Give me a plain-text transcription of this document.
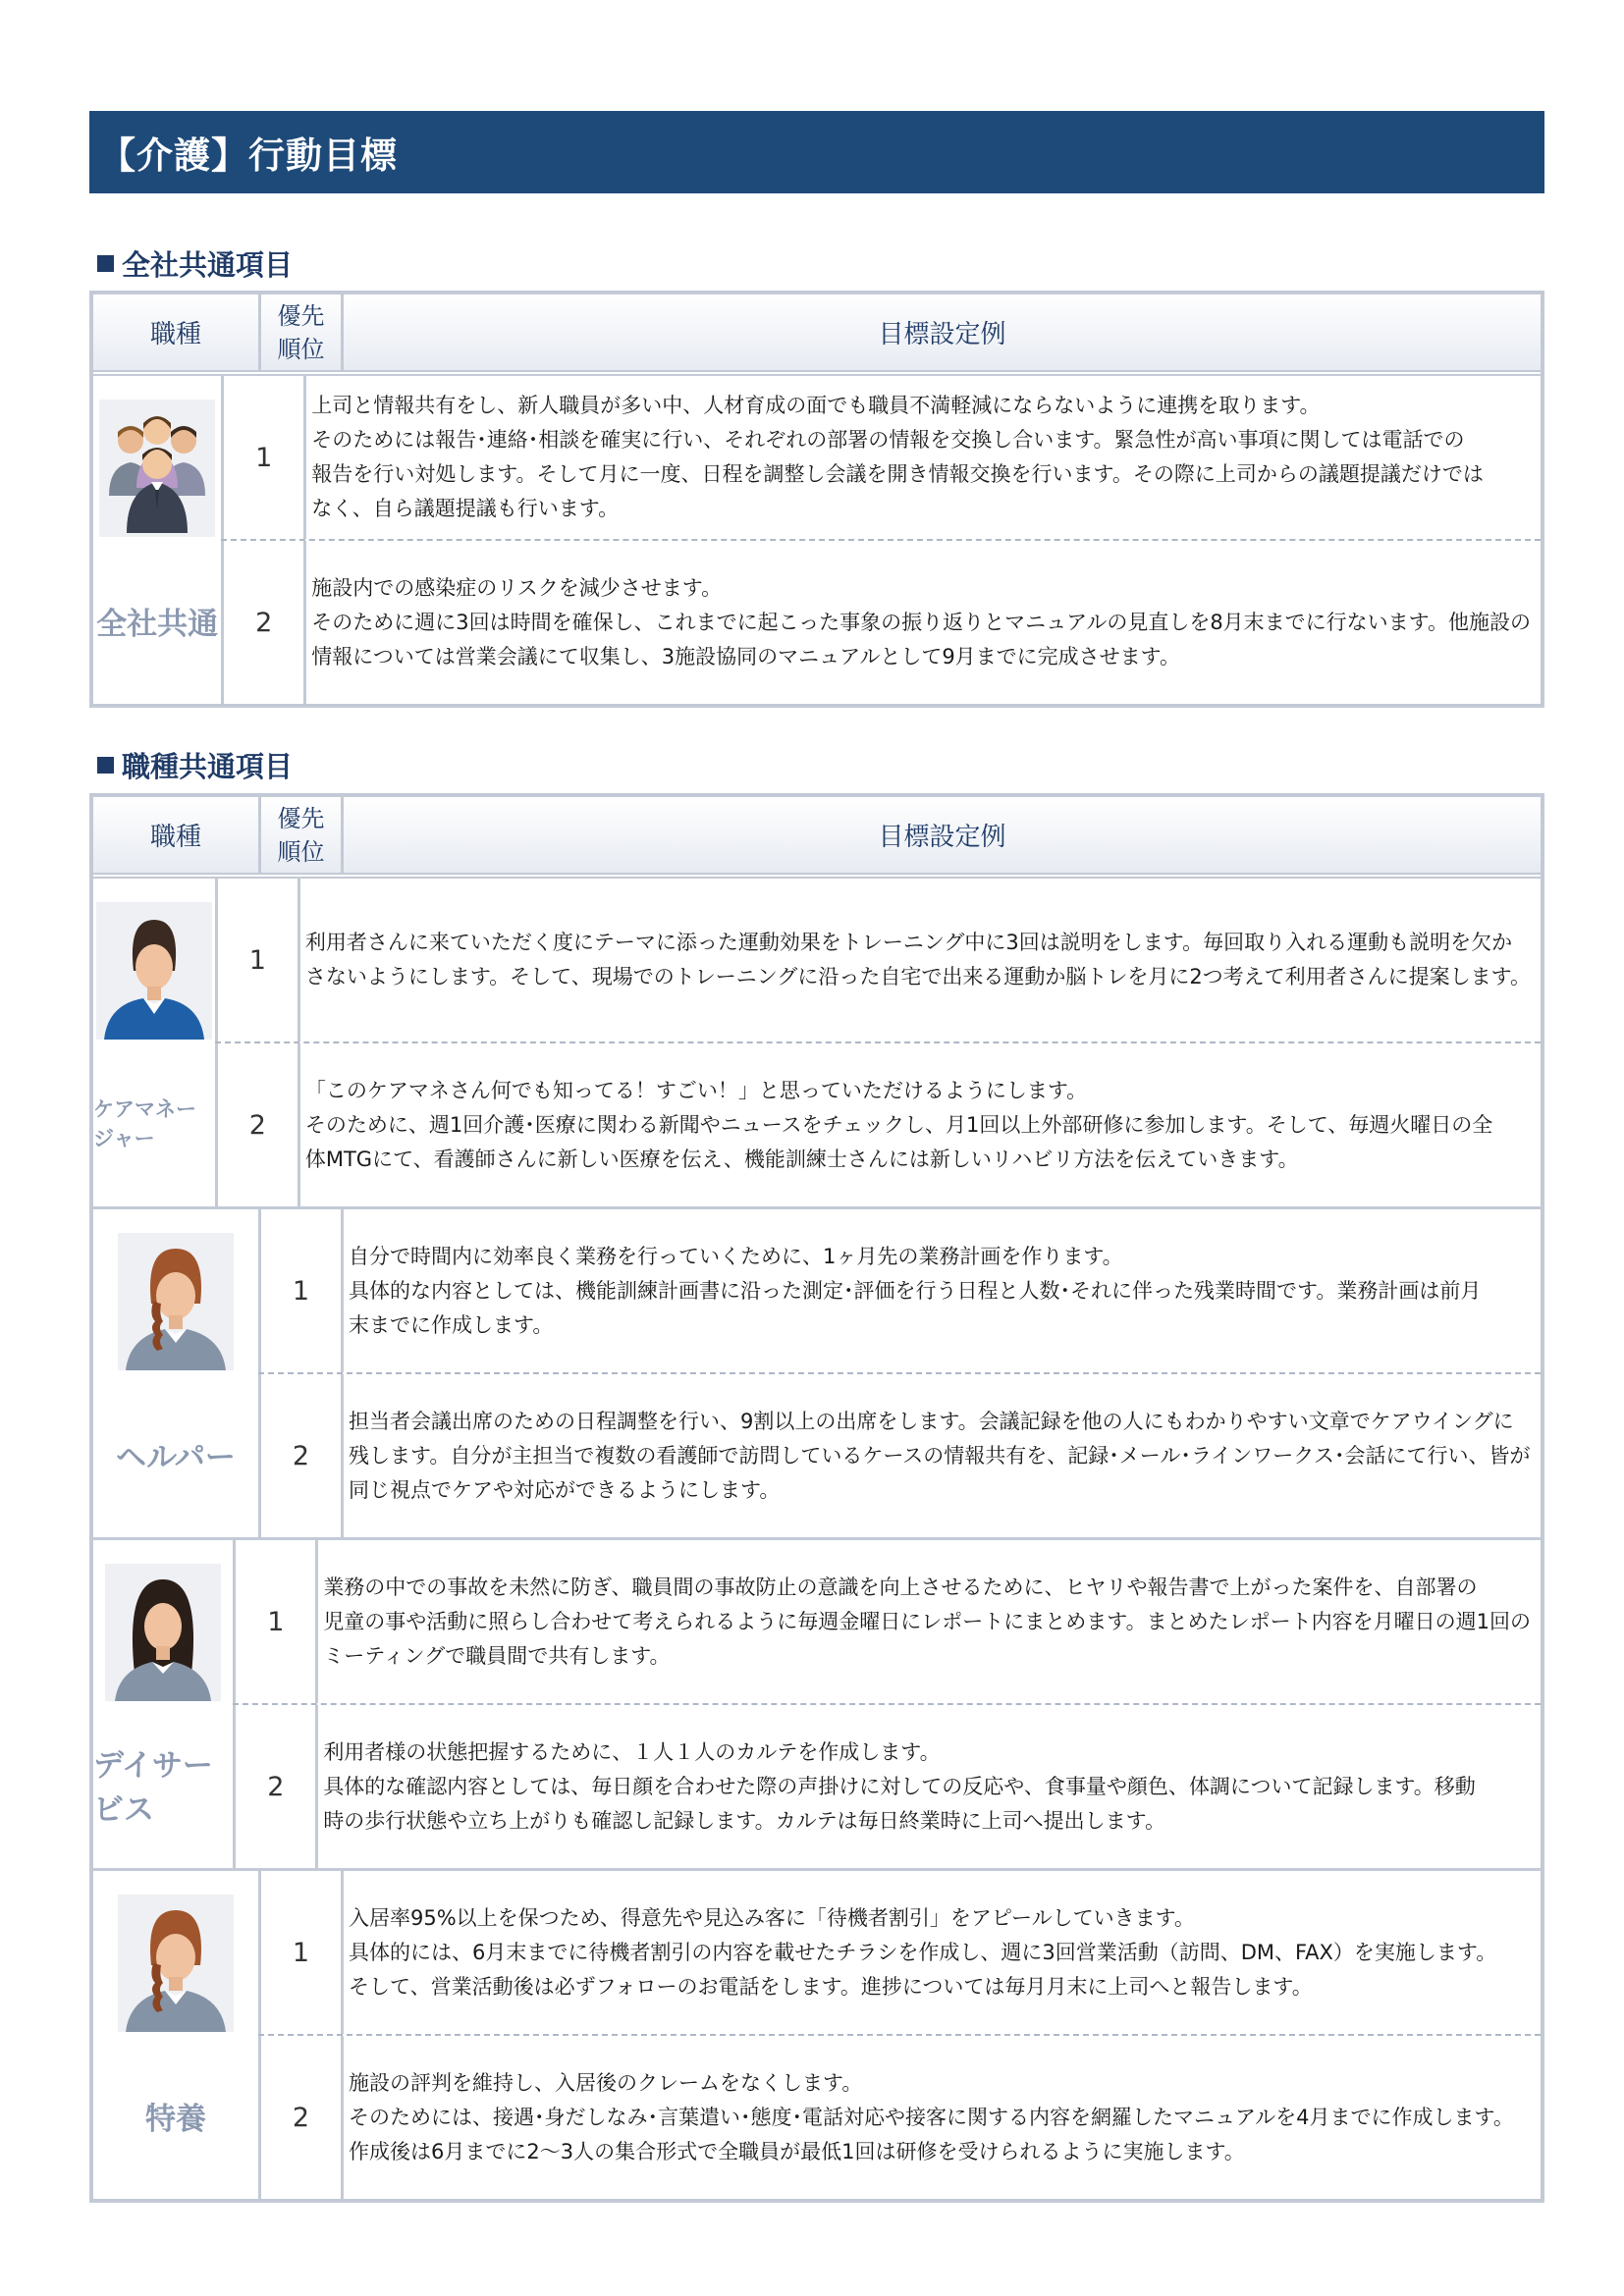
【介護】行動目標
全社共通項目
職種
優先
順位	目標設定例
全社共通
1

上司と情報共有をし、新人職員が多い中、人材育成の面でも職員不満軽減にならないように連携を取ります。

そのためには報告･連絡･相談を確実に行い、それぞれの部署の情報を交換し合います。緊急性が高い事項に関しては電話での

報告を行い対処します。そして月に一度、日程を調整し会議を開き情報交換を行います。その際に上司からの議題提議だけでは

なく、自ら議題提議も行います。

2

施設内での感染症のリスクを減少させます。

そのために週に3回は時間を確保し、これまでに起こった事象の振り返りとマニュアルの見直しを8月末までに行ないます。他施設の

情報については営業会議にて収集し、3施設協同のマニュアルとして9月までに完成させます。

職種共通項目
職種
優先
順位	目標設定例
ケアマネージャー
1

利用者さんに来ていただく度にテーマに添った運動効果をトレーニング中に3回は説明をします。毎回取り入れる運動も説明を欠か

さないようにします。そして、現場でのトレーニングに沿った自宅で出来る運動か脳トレを月に2つ考えて利用者さんに提案します。

2

「このケアマネさん何でも知ってる！すごい！」と思っていただけるようにします。

そのために、週1回介護･医療に関わる新聞やニュースをチェックし、月1回以上外部研修に参加します。そして、毎週火曜日の全

体MTGにて、看護師さんに新しい医療を伝え、機能訓練士さんには新しいリハビリ方法を伝えていきます。

ヘルパー
1

自分で時間内に効率良く業務を行っていくために、1ヶ月先の業務計画を作ります。

具体的な内容としては、機能訓練計画書に沿った測定･評価を行う日程と人数･それに伴った残業時間です。業務計画は前月

末までに作成します。

2

担当者会議出席のための日程調整を行い、9割以上の出席をします。会議記録を他の人にもわかりやすい文章でケアウイングに

残します。自分が主担当で複数の看護師で訪問しているケースの情報共有を、記録･メール･ラインワークス･会話にて行い、皆が

同じ視点でケアや対応ができるようにします。

デイサービス
1

業務の中での事故を未然に防ぎ、職員間の事故防止の意識を向上させるために、ヒヤリや報告書で上がった案件を、自部署の

児童の事や活動に照らし合わせて考えられるように毎週金曜日にレポートにまとめます。まとめたレポート内容を月曜日の週1回の

ミーティングで職員間で共有します。

2

利用者様の状態把握するために、１人１人のカルテを作成します。

具体的な確認内容としては、毎日顔を合わせた際の声掛けに対しての反応や、食事量や顔色、体調について記録します。移動

時の歩行状態や立ち上がりも確認し記録します。カルテは毎日終業時に上司へ提出します。

特養
1

入居率95%以上を保つため、得意先や見込み客に「待機者割引」をアピールしていきます。

具体的には、6月末までに待機者割引の内容を載せたチラシを作成し、週に3回営業活動（訪問、DM、FAX）を実施します。

そして、営業活動後は必ずフォローのお電話をします。進捗については毎月月末に上司へと報告します。

2

施設の評判を維持し、入居後のクレームをなくします。

そのためには、接遇･身だしなみ･言葉遣い･態度･電話対応や接客に関する内容を網羅したマニュアルを4月までに作成します。

作成後は6月までに2～3人の集合形式で全職員が最低1回は研修を受けられるように実施します。
